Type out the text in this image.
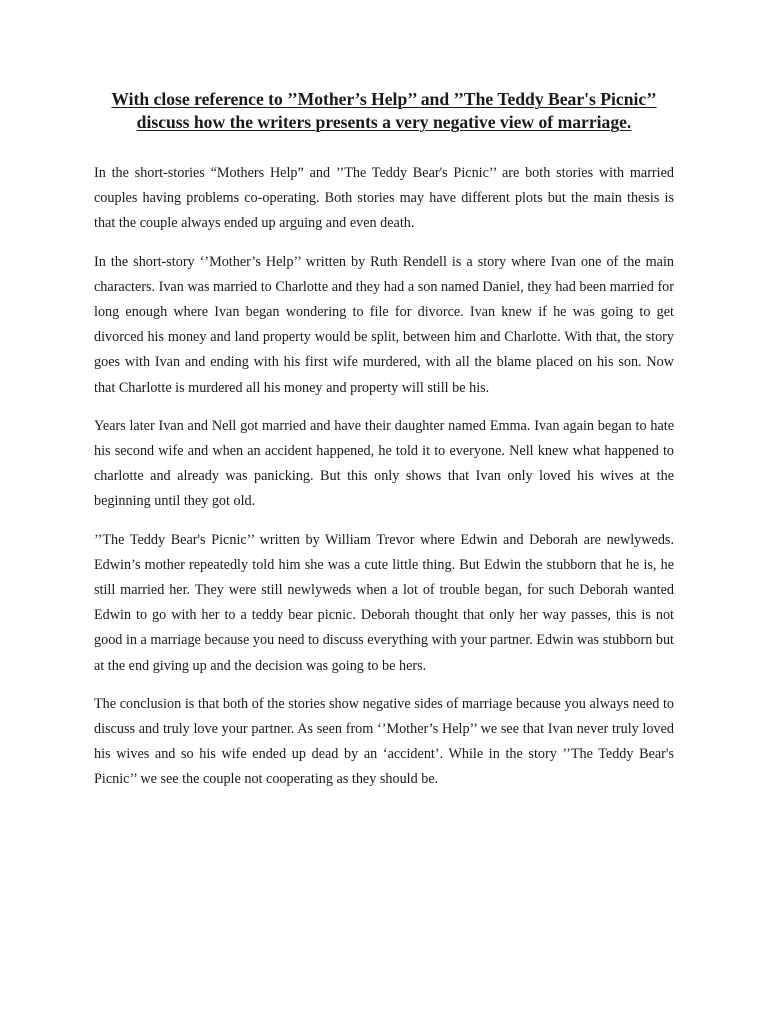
With close reference to ’’Mother’s Help’’ and ’’The Teddy Bear's Picnic’’ discuss how the writers presents a very negative view of marriage.

In the short-stories “Mothers Help” and ’’The Teddy Bear's Picnic’’ are both stories with married couples having problems co-operating. Both stories may have different plots but the main thesis is that the couple always ended up arguing and even death.

In the short-story ‘’Mother’s Help’’ written by Ruth Rendell is a story where Ivan one of the main characters. Ivan was married to Charlotte and they had a son named Daniel, they had been married for long enough where Ivan began wondering to file for divorce. Ivan knew if he was going to get divorced his money and land property would be split, between him and Charlotte. With that, the story goes with Ivan and ending with his first wife murdered, with all the blame placed on his son. Now that Charlotte is murdered all his money and property will still be his.

Years later Ivan and Nell got married and have their daughter named Emma. Ivan again began to hate his second wife and when an accident happened, he told it to everyone. Nell knew what happened to charlotte and already was panicking. But this only shows that Ivan only loved his wives at the beginning until they got old.

’’The Teddy Bear's Picnic’’ written by William Trevor where Edwin and Deborah are newlyweds. Edwin’s mother repeatedly told him she was a cute little thing. But Edwin the stubborn that he is, he still married her. They were still newlyweds when a lot of trouble began, for such Deborah wanted Edwin to go with her to a teddy bear picnic. Deborah thought that only her way passes, this is not good in a marriage because you need to discuss everything with your partner. Edwin was stubborn but at the end giving up and the decision was going to be hers.

The conclusion is that both of the stories show negative sides of marriage because you always need to discuss and truly love your partner. As seen from ‘’Mother’s Help’’ we see that Ivan never truly loved his wives and so his wife ended up dead by an ‘accident’. While in the story ’’The Teddy Bear's Picnic’’ we see the couple not cooperating as they should be.
